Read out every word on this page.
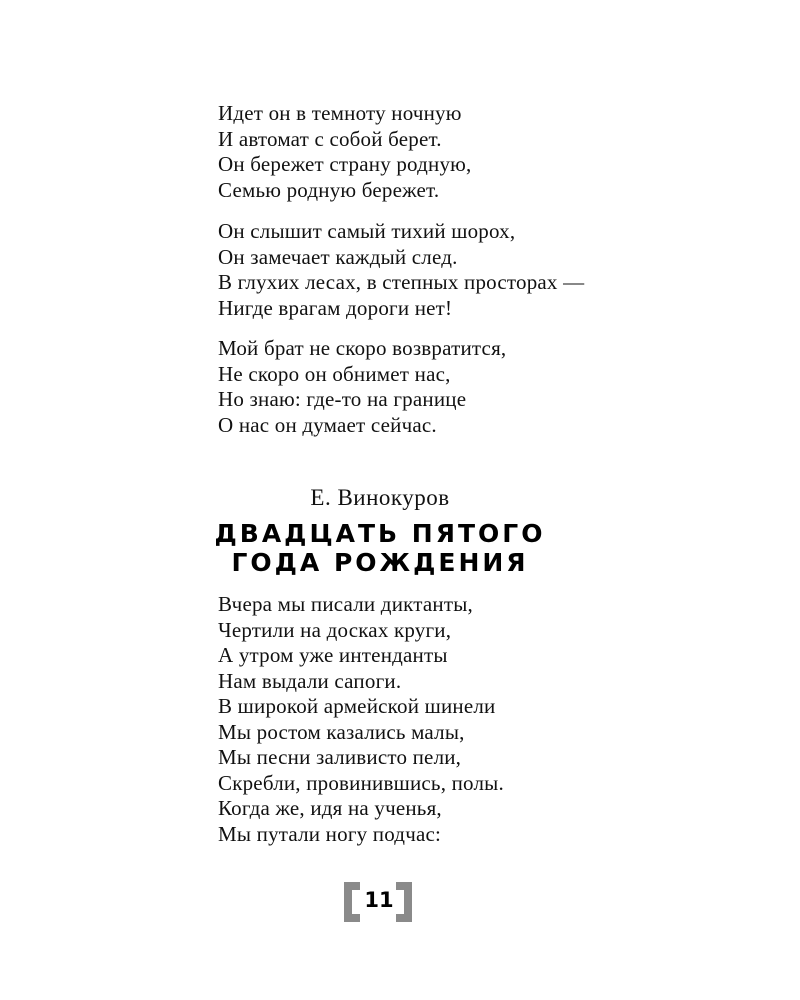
Идет он в темноту ночную
И автомат с собой берет.
Он бережет страну родную,
Семью родную бережет.
Он слышит самый тихий шорох,
Он замечает каждый след.
В глухих лесах, в степных просторах —
Нигде врагам дороги нет!
Мой брат не скоро возвратится,
Не скоро он обнимет нас,
Но знаю: где-то на границе
О нас он думает сейчас.
Е. Винокуров
ДВАДЦАТЬ ПЯТОГО
ГОДА РОЖДЕНИЯ
Вчера мы писали диктанты,
Чертили на досках круги,
А утром уже интенданты
Нам выдали сапоги.
В широкой армейской шинели
Мы ростом казались малы,
Мы песни заливисто пели,
Скребли, провинившись, полы.
Когда же, идя на ученья,
Мы путали ногу подчас:
11
